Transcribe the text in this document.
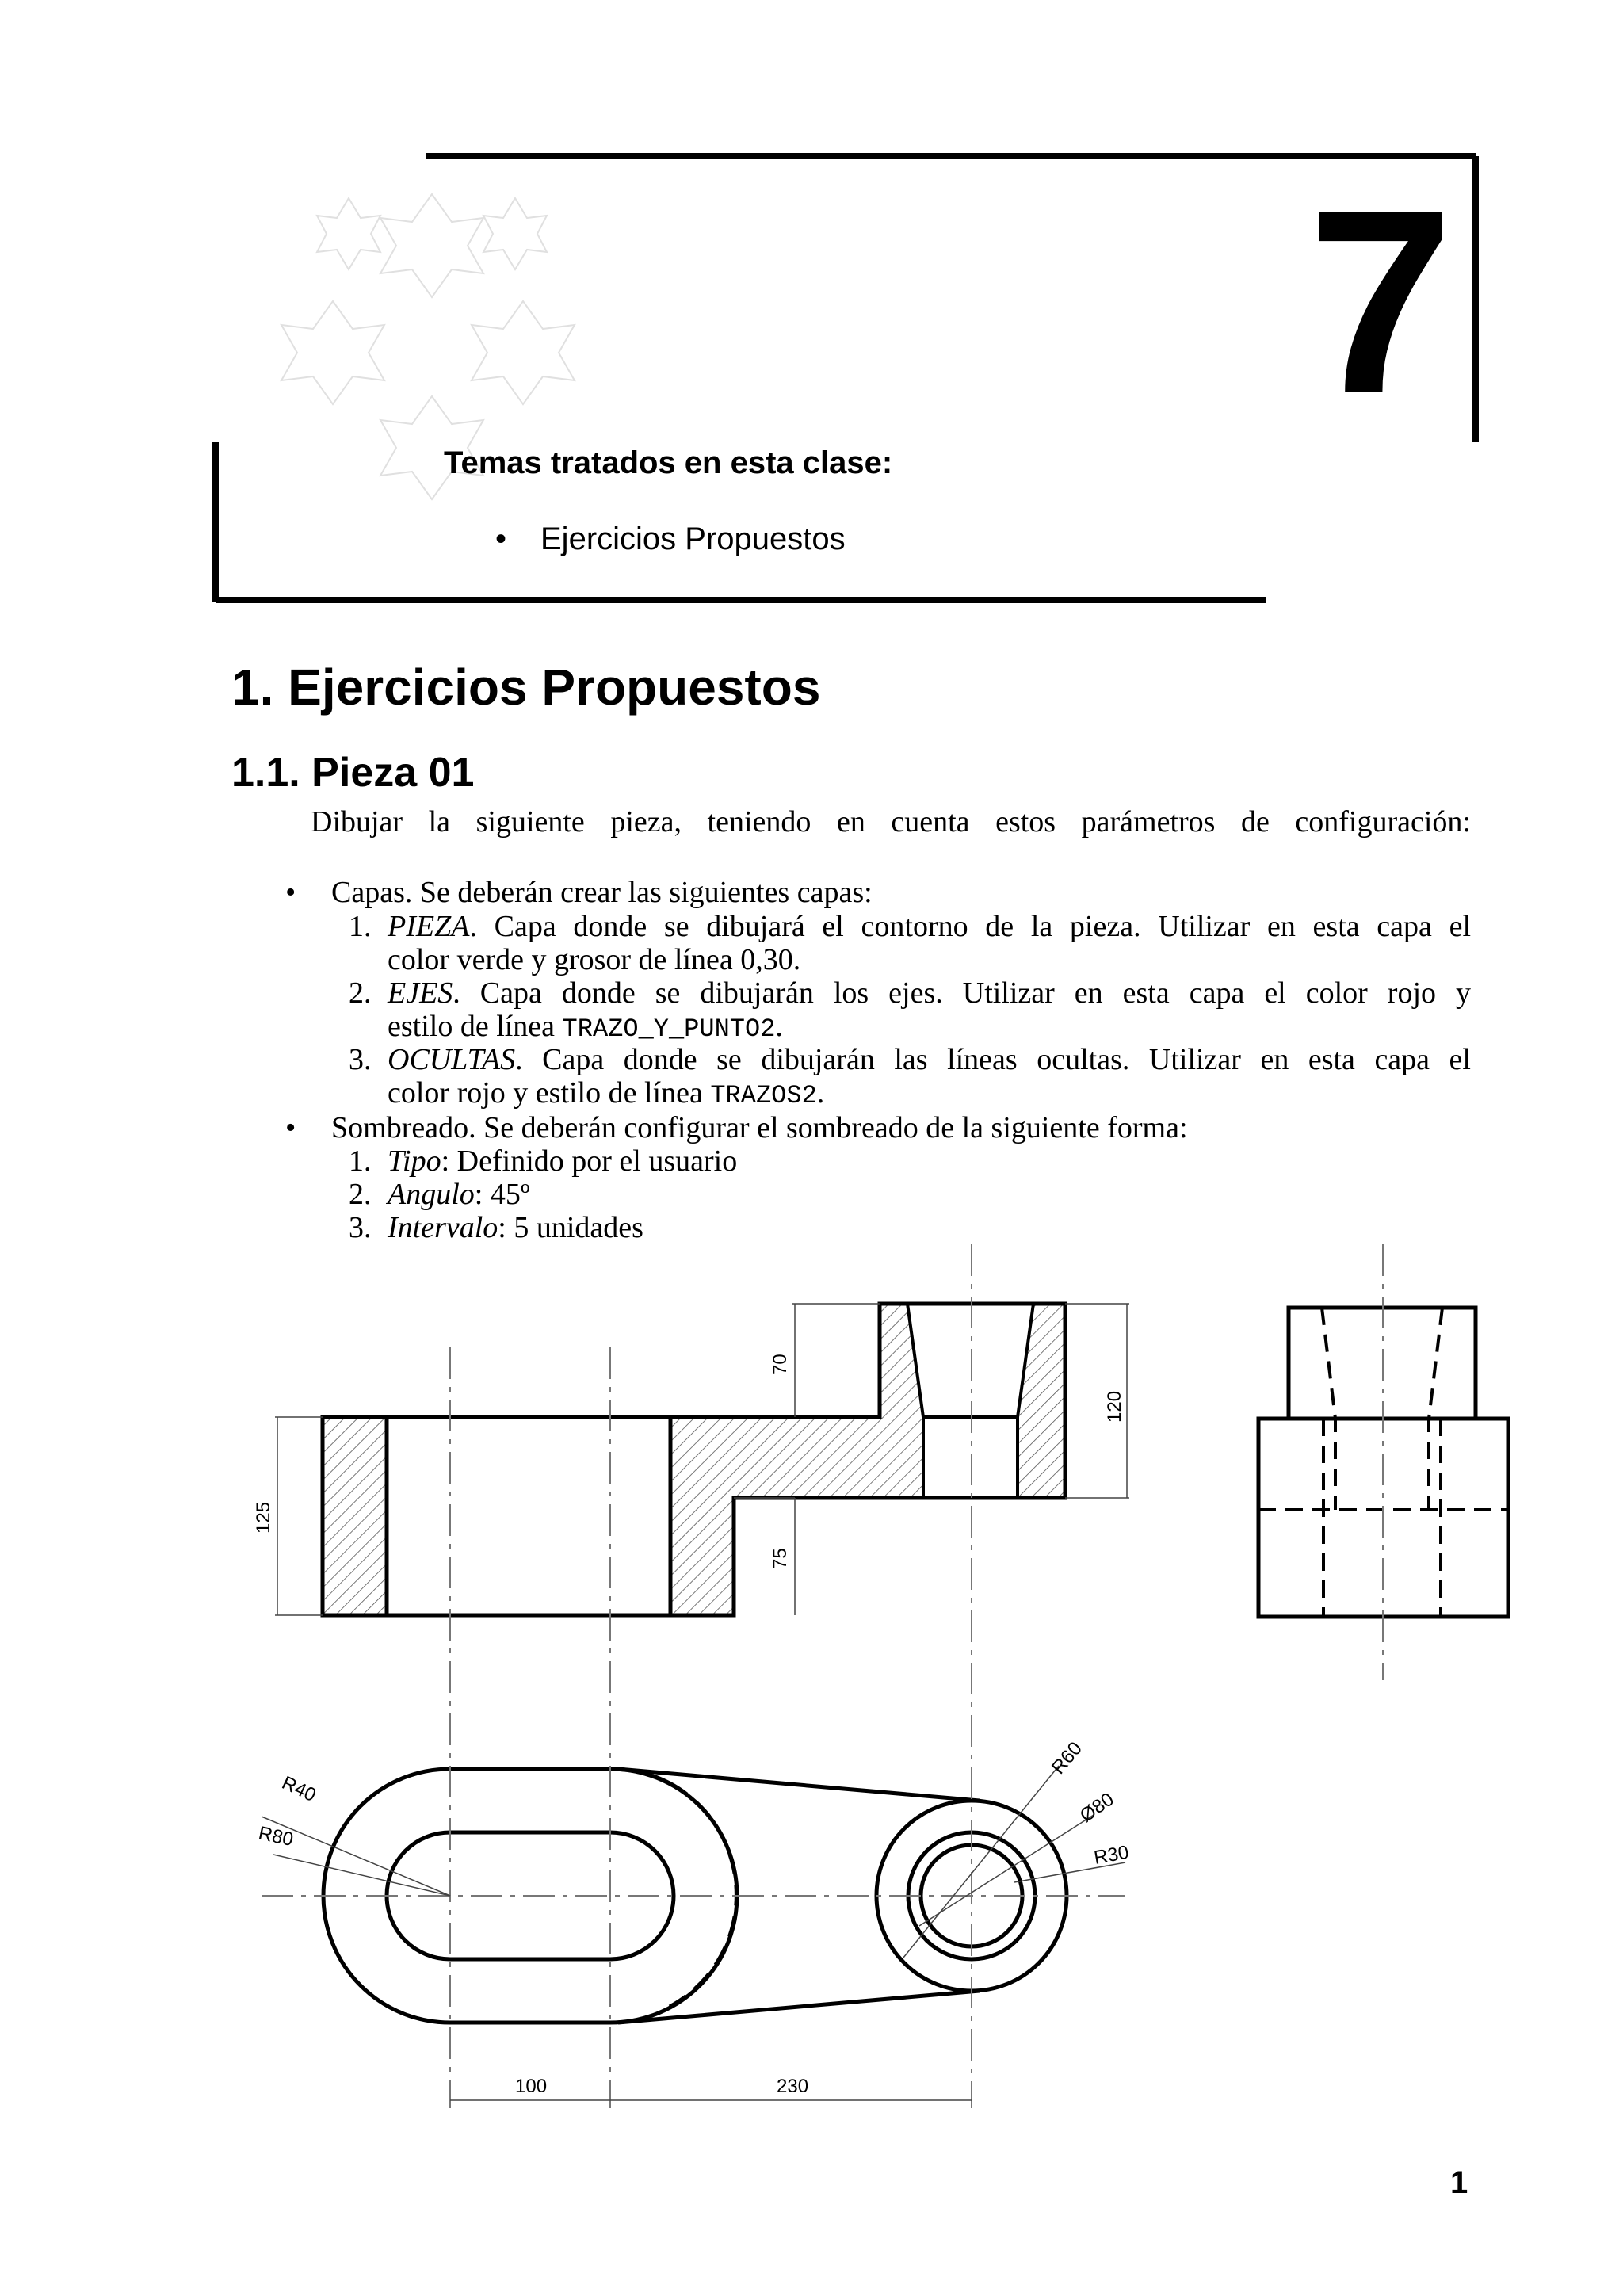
7
Temas tratados en esta clase:
• Ejercicios Propuestos
1. Ejercicios Propuestos
1.1. Pieza 01
Dibujar la siguiente pieza, teniendo en cuenta estos parámetros de configuración:
• Capas. Se deberán crear las siguientes capas:
1. PIEZA. Capa donde se dibujará el contorno de la pieza. Utilizar en esta capa el
color verde y grosor de línea 0,30.
2. EJES. Capa donde se dibujarán los ejes. Utilizar en esta capa el color rojo y
estilo de línea TRAZO_Y_PUNTO2.
3. OCULTAS. Capa donde se dibujarán las líneas ocultas. Utilizar en esta capa el
color rojo y estilo de línea TRAZOS2.
• Sombreado. Se deberán configurar el sombreado de la siguiente forma:
1. Tipo: Definido por el usuario
2. Angulo: 45º
3. Intervalo: 5 unidades
70
120
125
75
100	230
R40
R80
R60
Ø80
R30
1
